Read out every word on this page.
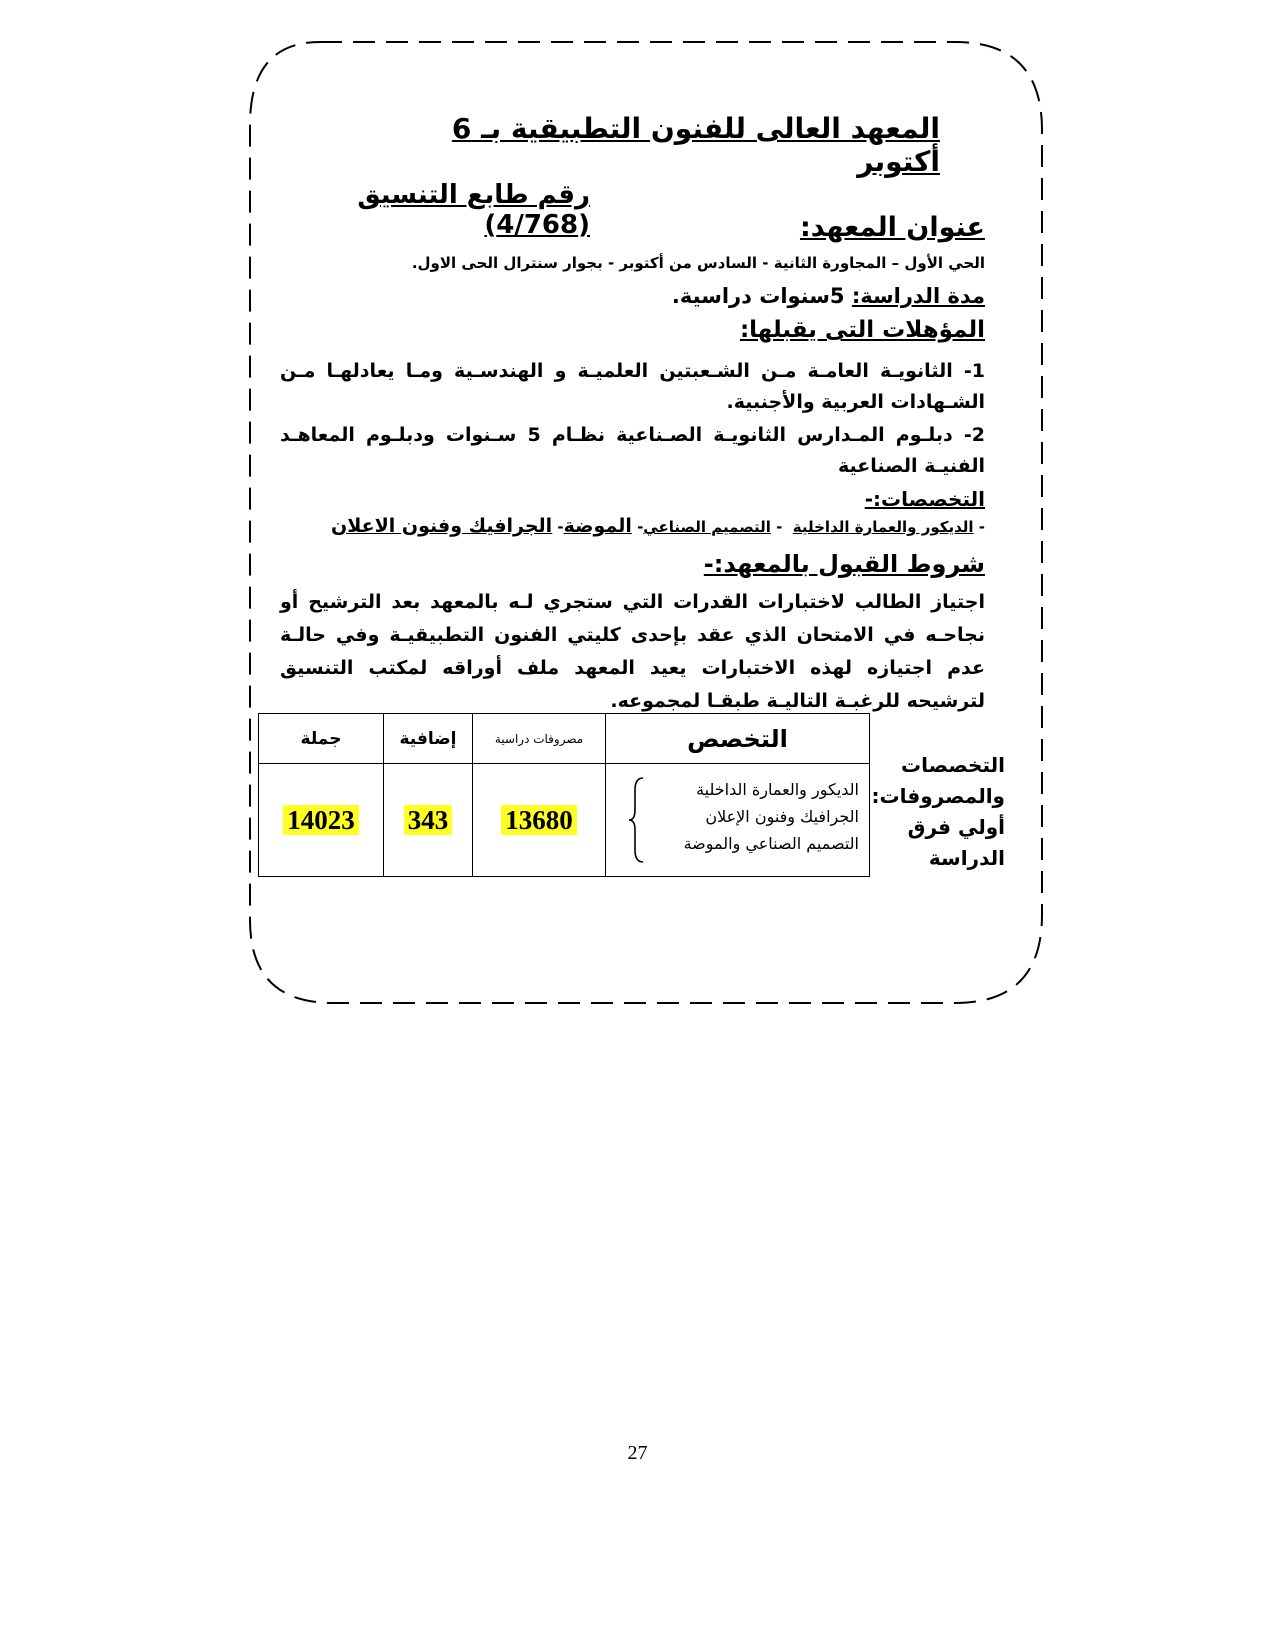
المعهد العالى للفنون التطبيقية بـ 6 أكتوبر
رقم طابع التنسيق (4/768)	عنوان المعهد:
الحي الأول – المجاورة الثانية - السادس من أكتوبر - بجوار سنترال الحى الاول.
مدة الدراسة: 5سنوات دراسية.
المؤهلات التى يقبلها:
1- الثانويـة العامـة مـن الشـعبتين العلميـة و الهندسـية ومـا يعادلهـا مـن الشـهادات العربية والأجنبية.
2- دبلـوم المـدارس الثانويـة الصـناعية نظـام 5 سـنوات ودبلـوم المعاهـد الفنيـة الصناعية
التخصصات:-
- الديكور والعمارة الداخلية  - التصميم الصناعي- الموضة- الجرافيك وفنون الاعلان
شروط القبول بالمعهد:-
اجتياز الطالب لاختبارات القدرات التي ستجري لـه بالمعهد بعد الترشيح أو نجاحـه في الامتحان الذي عقد بإحدى كليتي الفنون التطبيقيـة وفي حالـة عدم اجتيازه لهذه الاختبارات يعيد المعهد ملف أوراقه لمكتب التنسيق لترشيحه للرغبـة التاليـة طبقـا لمجموعه.
جملة	إضافية	مصروفات دراسية	التخصص
14023	343	13680	الديكور والعمارة الداخلية
الجرافيك وفنون الإعلان
التصميم الصناعي والموضة
التخصصات والمصروفات: أولي فرق الدراسة
27
